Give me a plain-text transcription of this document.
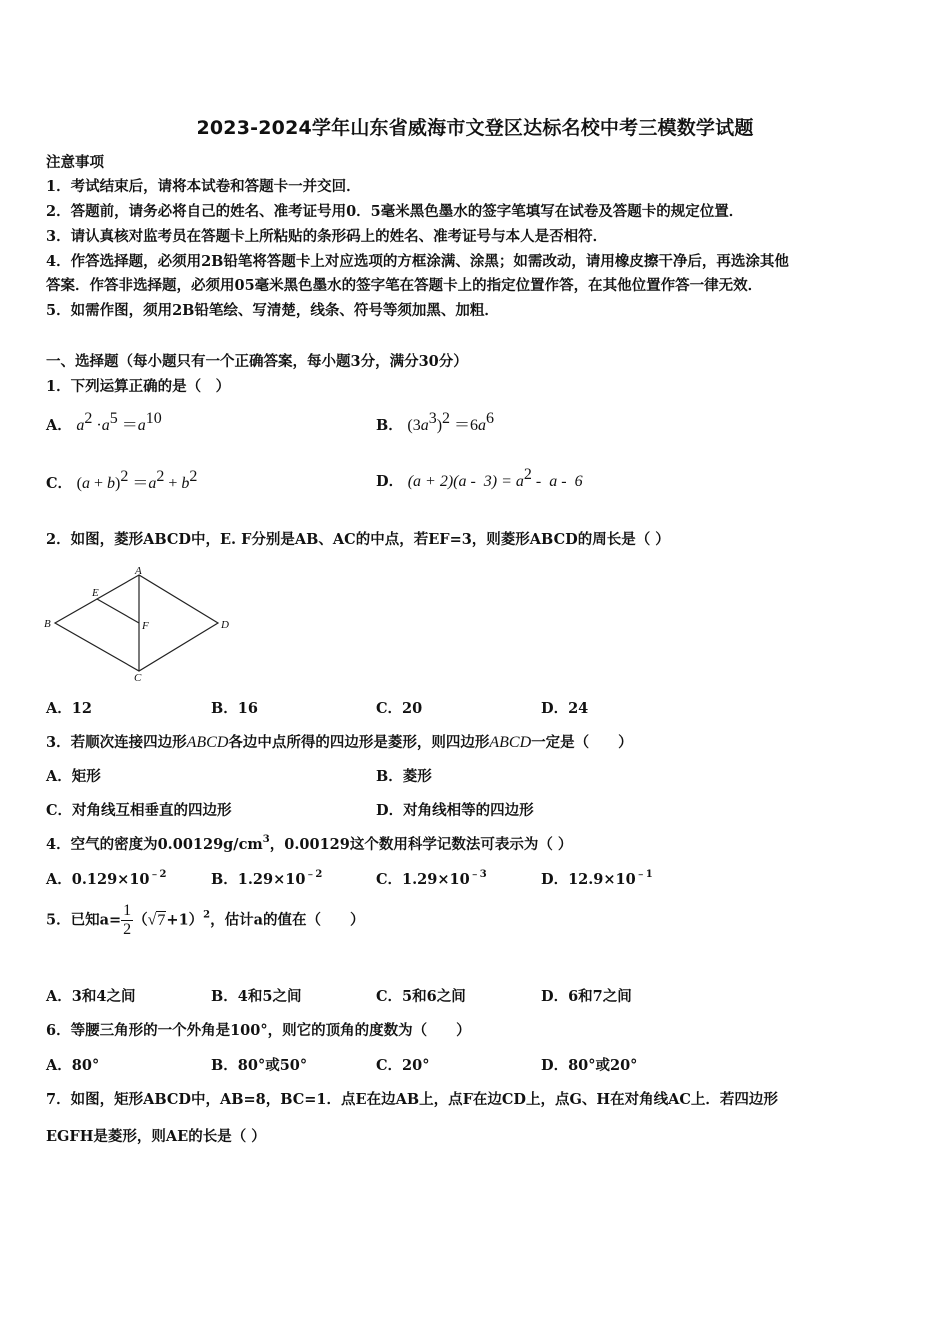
2023-2024学年山东省威海市文登区达标名校中考三模数学试题
注意事项
1．考试结束后，请将本试卷和答题卡一并交回．
2．答题前，请务必将自己的姓名、准考证号用0．5毫米黑色墨水的签字笔填写在试卷及答题卡的规定位置．
3．请认真核对监考员在答题卡上所粘贴的条形码上的姓名、准考证号与本人是否相符．
4．作答选择题，必须用2B铅笔将答题卡上对应选项的方框涂满、涂黑；如需改动，请用橡皮擦干净后，再选涂其他
答案．作答非选择题，必须用05毫米黑色墨水的签字笔在答题卡上的指定位置作答，在其他位置作答一律无效．
5．如需作图，须用2B铅笔绘、写清楚，线条、符号等须加黑、加粗．
一、选择题（每小题只有一个正确答案，每小题3分，满分30分）
1．下列运算正确的是（　）
A． $a^2 \cdot a^5 =a^{10}$	B． $(3a^3)^2 =6a^6$
C． $(a + b)^2 =a^2 + b^2$	D． $(a + 2)(a - 3) = a^2 - a - 6$
2．如图，菱形ABCD中，E. F分别是AB、AC的中点，若EF=3，则菱形ABCD的周长是（ ）
A
B
C
D
E
F
A．12	B．16	C．20	D．24
3．若顺次连接四边形ABCD各边中点所得的四边形是菱形，则四边形ABCD一定是（　　）
A．矩形	B．菱形
C．对角线互相垂直的四边形	D．对角线相等的四边形
4．空气的密度为$0.00129g/cm^3$，0.00129这个数用科学记数法可表示为（ ）
A．$0.129\times 10^{﹣2}$	B．$1.29\times 10^{﹣2}$	C．$1.29\times 10^{﹣3}$	D．$12.9\times 10^{﹣1}$
5．已知$a= \frac{1}{2} (√7+1)^2$，估计a的值在（　　）
A．3和4之间	B．4和5之间	C．5和6之间	D．6和7之间
6．等腰三角形的一个外角是100°，则它的顶角的度数为（　　）
A．80°	B．80°或50°	C．20°	D．80°或20°
7．如图，矩形ABCD中，AB=8，BC=1．点E在边AB上，点F在边CD上，点G、H在对角线AC上．若四边形
EGFH是菱形，则AE的长是（ ）
